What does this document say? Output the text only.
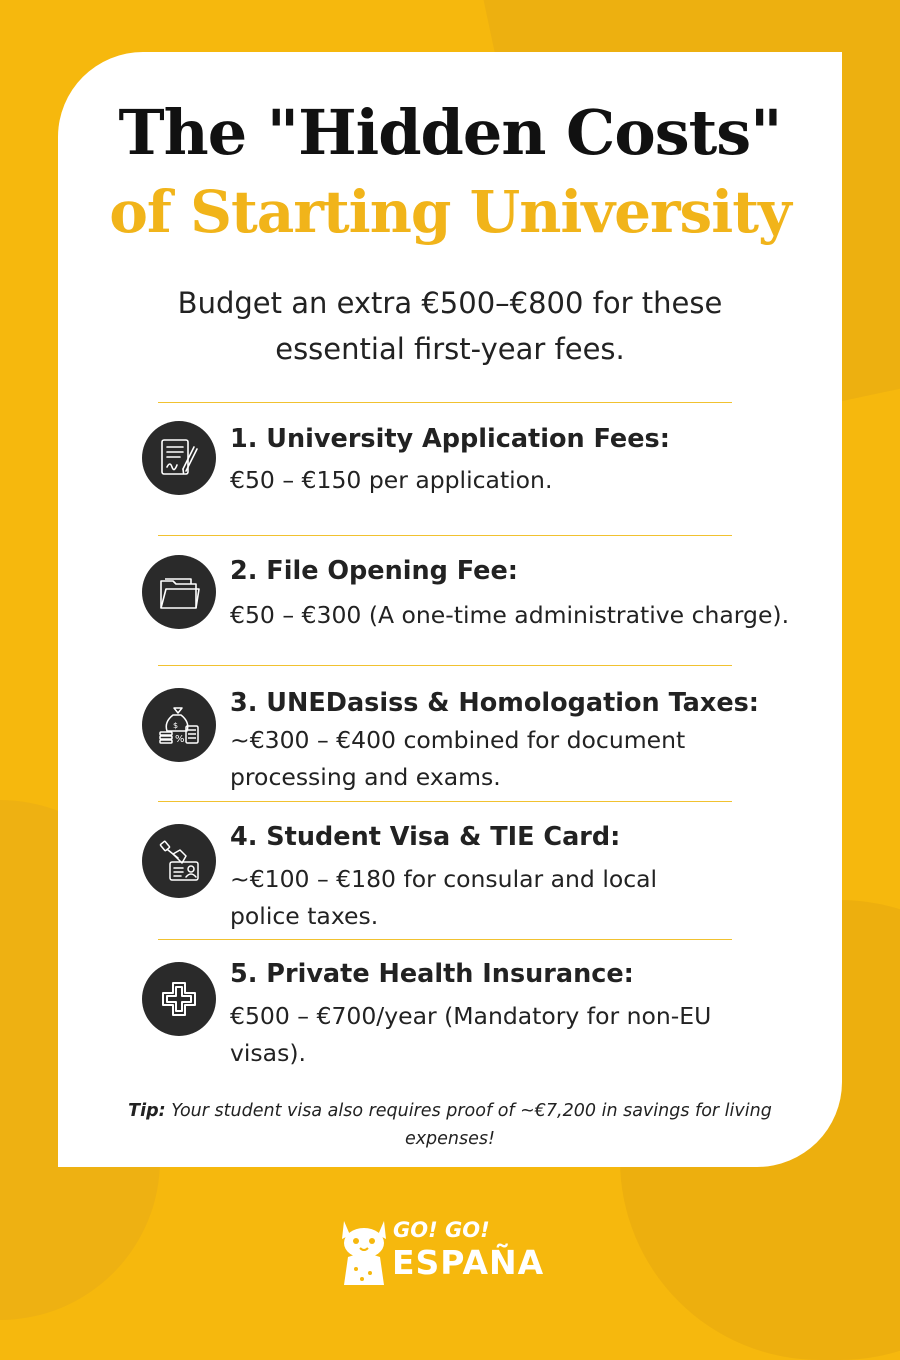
The "Hidden Costs"
of Starting University
Budget an extra €500–€800 for these essential first-year fees.
1. University Application Fees:
€50 – €150 per application.
2. File Opening Fee:
€50 – €300 (A one-time administrative charge).
$
%
3. UNEDasiss & Homologation Taxes:
~€300 – €400 combined for document processing and exams.
4. Student Visa & TIE Card:
~€100 – €180 for consular and local police taxes.
5. Private Health Insurance:
€500 – €700/year (Mandatory for non-EU visas).
Tip: Your student visa also requires proof of ~€7,200 in savings for living expenses!
GO! GO!
ESPAÑA
